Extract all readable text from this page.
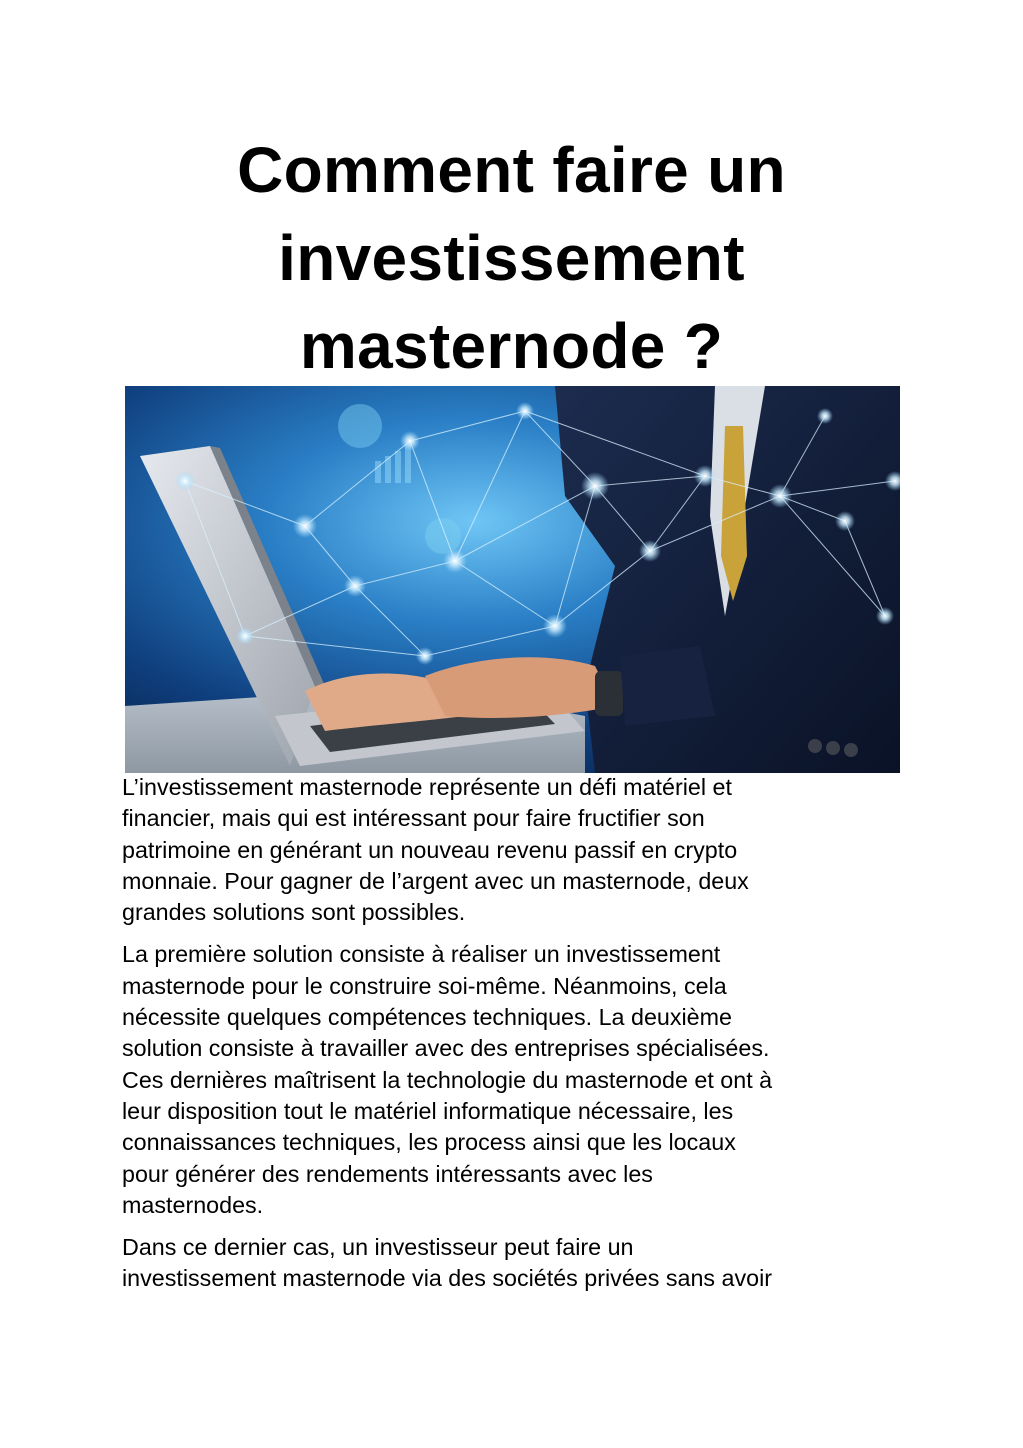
Comment faire un
investissement
masternode ?

L’investissement masternode représente un défi matériel et
financier, mais qui est intéressant pour faire fructifier son
patrimoine en générant un nouveau revenu passif en crypto
monnaie. Pour gagner de l’argent avec un masternode, deux
grandes solutions sont possibles.

La première solution consiste à réaliser un investissement
masternode pour le construire soi-même. Néanmoins, cela
nécessite quelques compétences techniques. La deuxième
solution consiste à travailler avec des entreprises spécialisées.
Ces dernières maîtrisent la technologie du masternode et ont à
leur disposition tout le matériel informatique nécessaire, les
connaissances techniques, les process ainsi que les locaux
pour générer des rendements intéressants avec les
masternodes.

Dans ce dernier cas, un investisseur peut faire un
investissement masternode via des sociétés privées sans avoir
